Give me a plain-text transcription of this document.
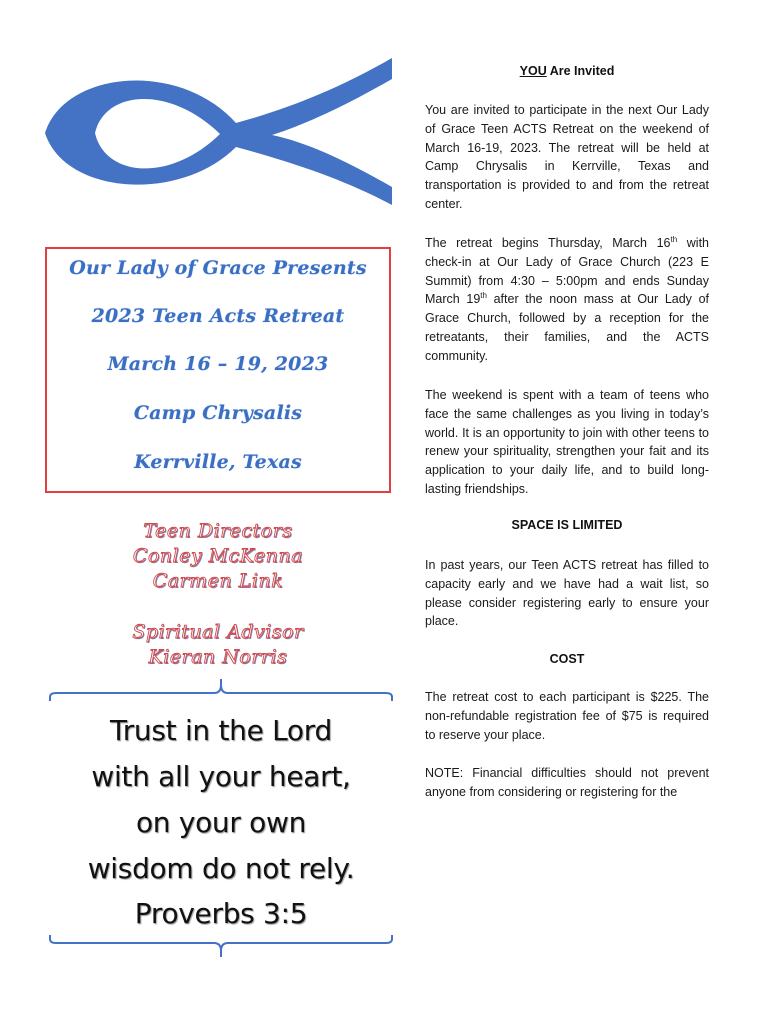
Our Lady of Grace Presents
2023 Teen Acts Retreat
March 16 – 19, 2023
Camp Chrysalis
Kerrville, Texas
Teen Directors
Conley McKenna
Carmen Link
Spiritual Advisor
Kieran Norris
Trust in the Lord
with all your heart,
on your own
wisdom do not rely.
Proverbs 3:5
YOU Are Invited
You are invited to participate in the next Our Lady of Grace Teen ACTS Retreat on the weekend of March 16-19, 2023. The retreat will be held at Camp Chrysalis in Kerrville, Texas and transportation is provided to and from the retreat center.
The retreat begins Thursday, March 16th with check-in at Our Lady of Grace Church (223 E Summit) from 4:30 – 5:00pm and ends Sunday March 19th after the noon mass at Our Lady of Grace Church, followed by a reception for the retreatants, their families, and the ACTS community.
The weekend is spent with a team of teens who face the same challenges as you living in today’s world. It is an opportunity to join with other teens to renew your spirituality, strengthen your fait and its application to your daily life, and to build long-lasting friendships.
SPACE IS LIMITED
In past years, our Teen ACTS retreat has filled to capacity early and we have had a wait list, so please consider registering early to ensure your place.
COST
The retreat cost to each participant is $225. The non-refundable registration fee of $75 is required to reserve your place.
NOTE: Financial difficulties should not prevent anyone from considering or registering for the
